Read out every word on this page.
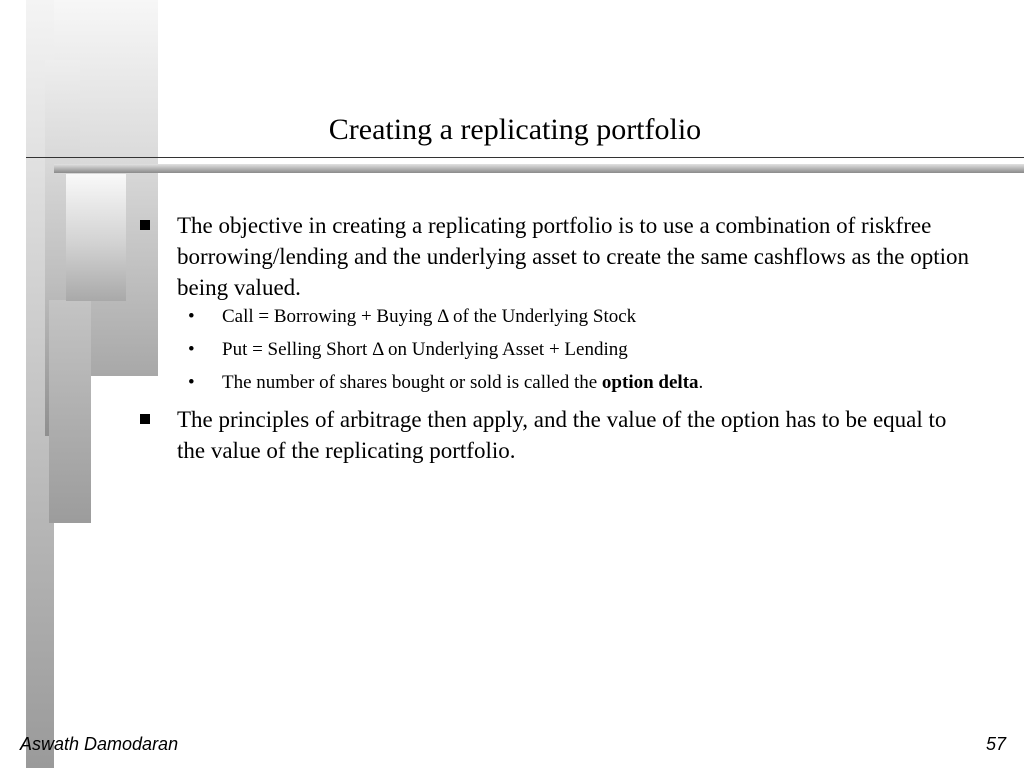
Creating a replicating portfolio
The objective in creating a replicating portfolio is to use a combination of riskfree borrowing/lending and the underlying asset to create the same cashflows as the option being valued.
• Call = Borrowing + Buying Δ of the Underlying Stock
• Put = Selling Short Δ on Underlying Asset + Lending
• The number of shares bought or sold is called the option delta.
The principles of arbitrage then apply, and the value of the option has to be equal to the value of the replicating portfolio.
Aswath Damodaran	57
